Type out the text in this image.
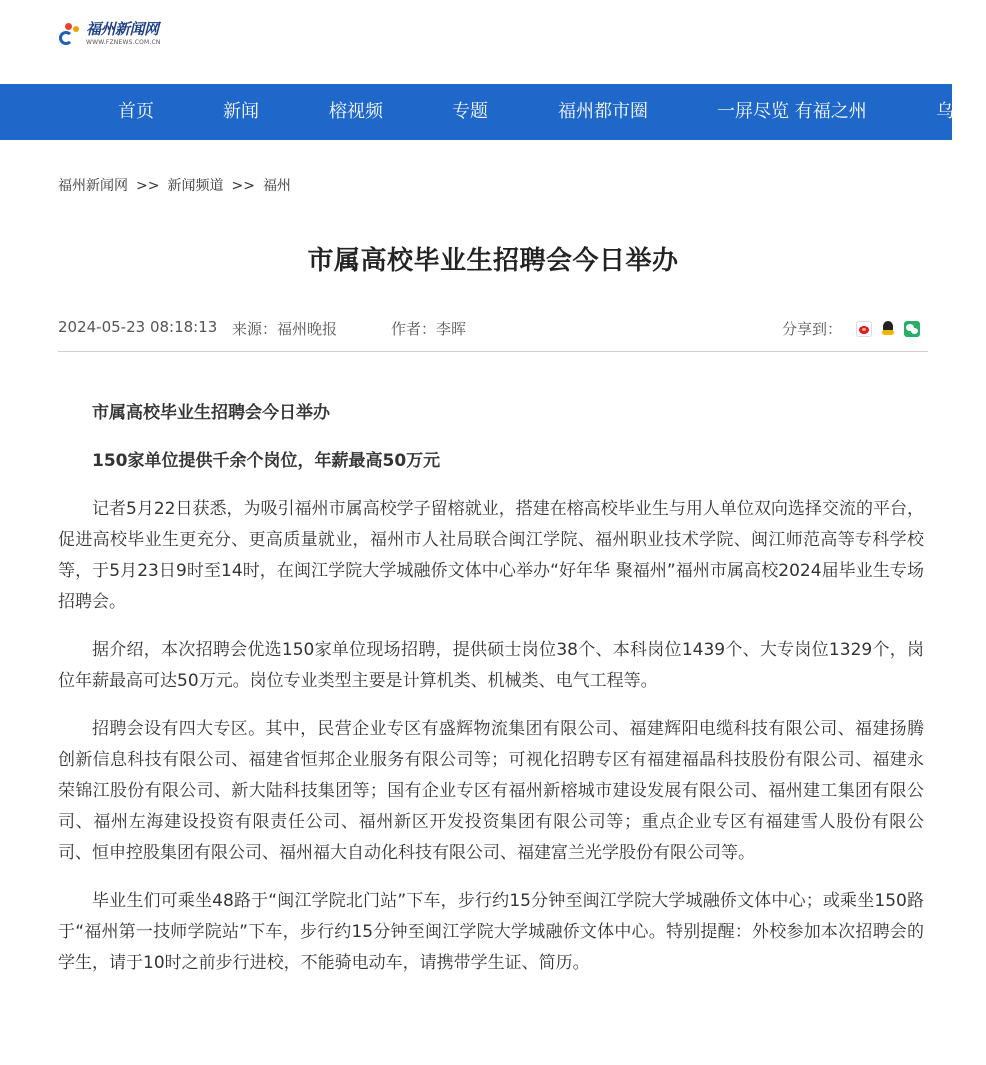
福州新闻网
WWW.FZNEWS.COM.CN
首页	新闻	榕视频	专题	福州都市圈	一屏尽览 有福之州	乌
福州新闻网 >> 新闻频道 >> 福州
市属高校毕业生招聘会今日举办
2024-05-23 08:18:13 来源：福州晚报	作者：李晖	分享到：
市属高校毕业生招聘会今日举办
150家单位提供千余个岗位，年薪最高50万元
记者5月22日获悉，为吸引福州市属高校学子留榕就业，搭建在榕高校毕业生与用人单位双向选择交流的平台，促进高校毕业生更充分、更高质量就业，福州市人社局联合闽江学院、福州职业技术学院、闽江师范高等专科学校等，于5月23日9时至14时，在闽江学院大学城融侨文体中心举办“好年华 聚福州”福州市属高校2024届毕业生专场招聘会。
据介绍，本次招聘会优选150家单位现场招聘，提供硕士岗位38个、本科岗位1439个、大专岗位1329个，岗位年薪最高可达50万元。岗位专业类型主要是计算机类、机械类、电气工程等。
招聘会设有四大专区。其中，民营企业专区有盛辉物流集团有限公司、福建辉阳电缆科技有限公司、福建扬腾创新信息科技有限公司、福建省恒邦企业服务有限公司等；可视化招聘专区有福建福晶科技股份有限公司、福建永荣锦江股份有限公司、新大陆科技集团等；国有企业专区有福州新榕城市建设发展有限公司、福州建工集团有限公司、福州左海建设投资有限责任公司、福州新区开发投资集团有限公司等；重点企业专区有福建雪人股份有限公司、恒申控股集团有限公司、福州福大自动化科技有限公司、福建富兰光学股份有限公司等。
毕业生们可乘坐48路于“闽江学院北门站”下车，步行约15分钟至闽江学院大学城融侨文体中心；或乘坐150路于“福州第一技师学院站”下车，步行约15分钟至闽江学院大学城融侨文体中心。特别提醒：外校参加本次招聘会的学生，请于10时之前步行进校，不能骑电动车，请携带学生证、简历。
